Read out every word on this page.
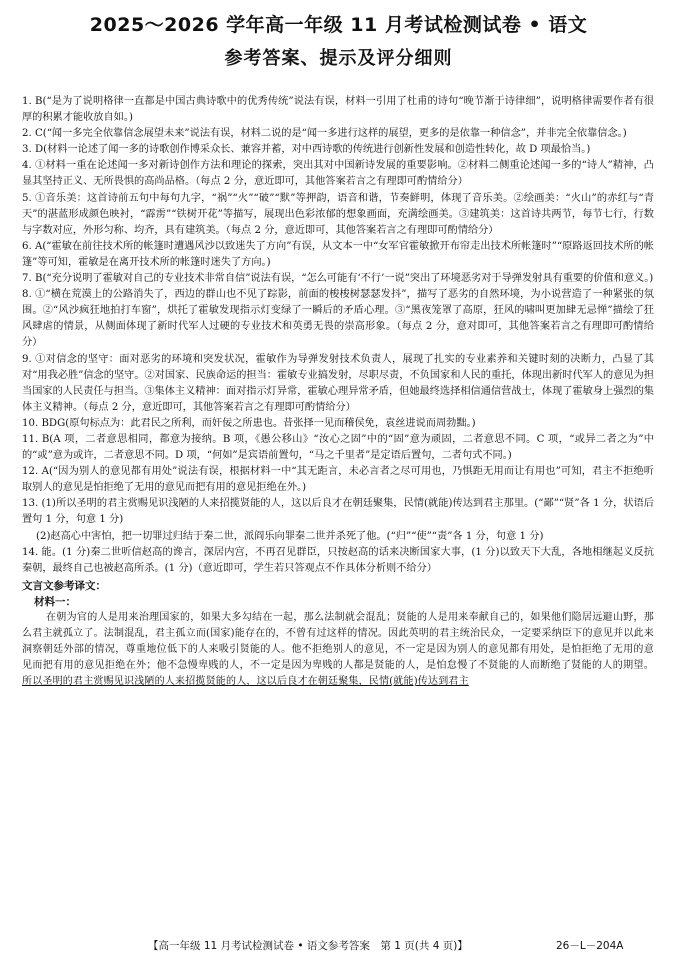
2025～2026 学年高一年级 11 月考试检测试卷 • 语文
参考答案、提示及评分细则
1. B(“是为了说明格律一直都是中国古典诗歌中的优秀传统”说法有误，材料一引用了杜甫的诗句“晚节渐于诗律细”，说明格律需要作者有很厚的积累才能收放自如。)
2. C(“闻一多完全依靠信念展望未来”说法有误，材料二说的是“闻一多进行这样的展望，更多的是依靠一种信念”，并非完全依靠信念。)
3. D(材料一论述了闻一多的诗歌创作博采众长、兼容并蓄，对中西诗歌的传统进行创新性发展和创造性转化，故 D 项最恰当。)
4. ①材料一重在论述闻一多对新诗创作方法和理论的探索，突出其对中国新诗发展的重要影响。②材料二侧重论述闻一多的“诗人”精神，凸显其坚持正义、无所畏惧的高尚品格。（每点 2 分，意近即可，其他答案若言之有理即可酌情给分）
5. ①音乐美：这首诗前五句中每句九字，“祸”“火”“破”“默”等押韵，语音和谐，节奏鲜明，体现了音乐美。②绘画美：“火山”的赤红与“青天”的湛蓝形成颜色映衬，“霹雳”“铁树开花”等描写，展现出色彩浓郁的想象画面，充满绘画美。③建筑美：这首诗共两节，每节七行，行数与字数对应，外形匀称、均齐，具有建筑美。（每点 2 分，意近即可，其他答案若言之有理即可酌情给分）
6. A(“霍敏在前往技术所的帐篷时遭遇风沙以致迷失了方向”有误，从文本一中“女军官霍敏掀开布帘走出技术所帐篷时”“原路返回技术所的帐篷”等可知，霍敏是在离开技术所的帐篷时迷失了方向。)
7. B(“充分说明了霍敏对自己的专业技术非常自信”说法有误，“怎么可能有‘不行’一说”突出了环境恶劣对于导弹发射具有重要的价值和意义。)
8. ①“横在荒漠上的公路消失了，西边的群山也不见了踪影，前面的梭梭树瑟瑟发抖”，描写了恶劣的自然环境，为小说营造了一种紧张的氛围。②“风沙疯狂地拍打车窗”，烘托了霍敏发现指示灯变绿了一瞬后的矛盾心理。③“黑夜笼罩了高原，狂风的啸叫更加肆无忌惮”描绘了狂风肆虐的情景，从侧面体现了新时代军人过硬的专业技术和英勇无畏的崇高形象。（每点 2 分，意对即可，其他答案若言之有理即可酌情给分）
9. ①对信念的坚守：面对恶劣的环境和突发状况，霍敏作为导弹发射技术负责人，展现了扎实的专业素养和关键时刻的决断力，凸显了其对“用我必胜”信念的坚守。②对国家、民族命运的担当：霍敏专业搞发射，尽职尽责，不负国家和人民的重托，体现出新时代军人的意见为担当国家的人民责任与担当。③集体主义精神：面对指示灯异常，霍敏心理异常矛盾，但她最终选择相信通信营战士，体现了霍敏身上强烈的集体主义精神。（每点 2 分，意近即可，其他答案若言之有理即可酌情给分）
10. BDG(原句标点为：此君民之所利，而奸佞之所患也。昔张择一见而稽侯免，袁丝进说而周勃黜。)
11. B(A 项，二者意思相同，都意为接纳。B 项，《愚公移山》“汝心之固”中的“固”意为顽固，二者意思不同。C 项，“或异二者之为”中的“或”意为或许，二者意思不同。D 项，“何如”是宾语前置句，“马之千里者”是定语后置句，二者句式不同。)
12. A(“因为别人的意见都有用处”说法有误，根据材料一中“其无距言，未必言者之尽可用也，乃惧距无用而让有用也”可知，君主不拒绝听取别人的意见是怕拒绝了无用的意见而把有用的意见拒绝在外。)
13. (1)所以圣明的君主赏赐见识浅陋的人来招揽贤能的人，这以后良才在朝廷聚集，民情(就能)传达到君主那里。(“鄙”“贤”各 1 分，状语后置句 1 分，句意 1 分)
(2)赵高心中害怕，把一切罪过归结于秦二世，派阎乐向罪秦二世并杀死了他。(“归”“使”“责”各 1 分，句意 1 分)
14. 能。(1 分)秦二世听信赵高的谗言，深居内宫，不再召见群臣，只按赵高的话来决断国家大事，(1 分)以致天下大乱，各地相继起义反抗秦朝，最终自己也被赵高所杀。(1 分)（意近即可，学生若只答观点不作具体分析则不给分）
文言文参考译文：
材料一：
在朝为官的人是用来治理国家的，如果大多勾结在一起，那么法制就会混乱；贤能的人是用来奉献自己的，如果他们隐居远避山野，那么君主就孤立了。法制混乱，君主孤立而(国家)能存在的，不曾有过这样的情况。因此英明的君主统治民众，一定要采纳臣下的意见并以此来洞察朝廷外部的情况，尊重地位低下的人来吸引贤能的人。他不拒绝别人的意见，不一定是因为别人的意见都有用处，是怕拒绝了无用的意见而把有用的意见拒绝在外；他不急慢卑贱的人，不一定是因为卑贱的人都是贤能的人，是怕怠慢了不贤能的人而断绝了贤能的人的期望。所以圣明的君主赏赐见识浅陋的人来招揽贤能的人，这以后良才在朝廷聚集，民情(就能)传达到君主
【高一年级 11 月考试检测试卷 • 语文参考答案　第 1 页(共 4 页)】	26－L－204A
